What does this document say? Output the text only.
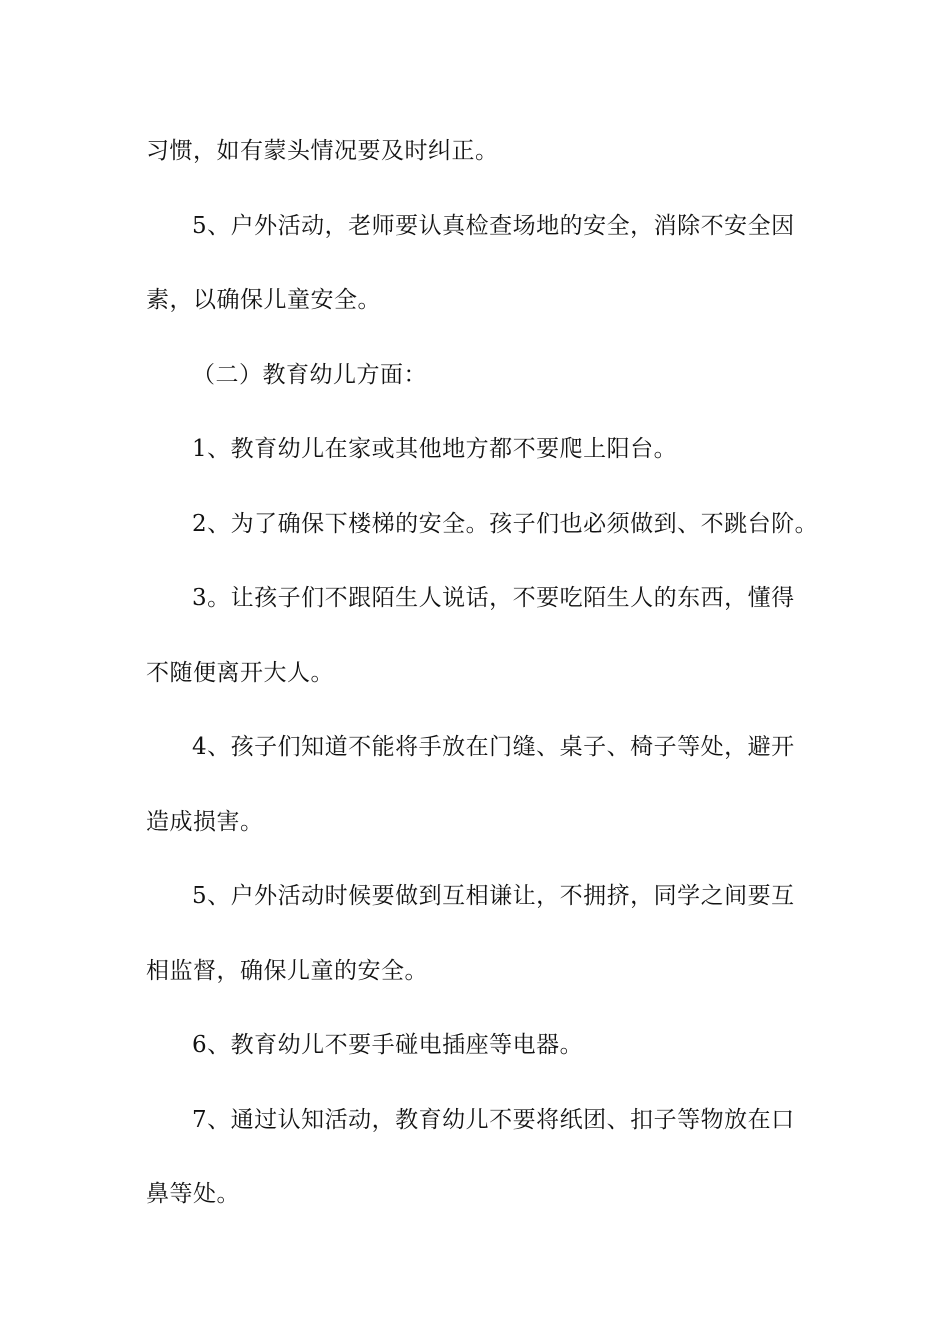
习惯，如有蒙头情况要及时纠正。
5、户外活动，老师要认真检查场地的安全，消除不安全因
素，以确保儿童安全。
（二）教育幼儿方面：
1、教育幼儿在家或其他地方都不要爬上阳台。
2、为了确保下楼梯的安全。孩子们也必须做到、不跳台阶。
3。让孩子们不跟陌生人说话，不要吃陌生人的东西，懂得
不随便离开大人。
4、孩子们知道不能将手放在门缝、桌子、椅子等处，避开
造成损害。
5、户外活动时候要做到互相谦让，不拥挤，同学之间要互
相监督，确保儿童的安全。
6、教育幼儿不要手碰电插座等电器。
7、通过认知活动，教育幼儿不要将纸团、扣子等物放在口
鼻等处。
